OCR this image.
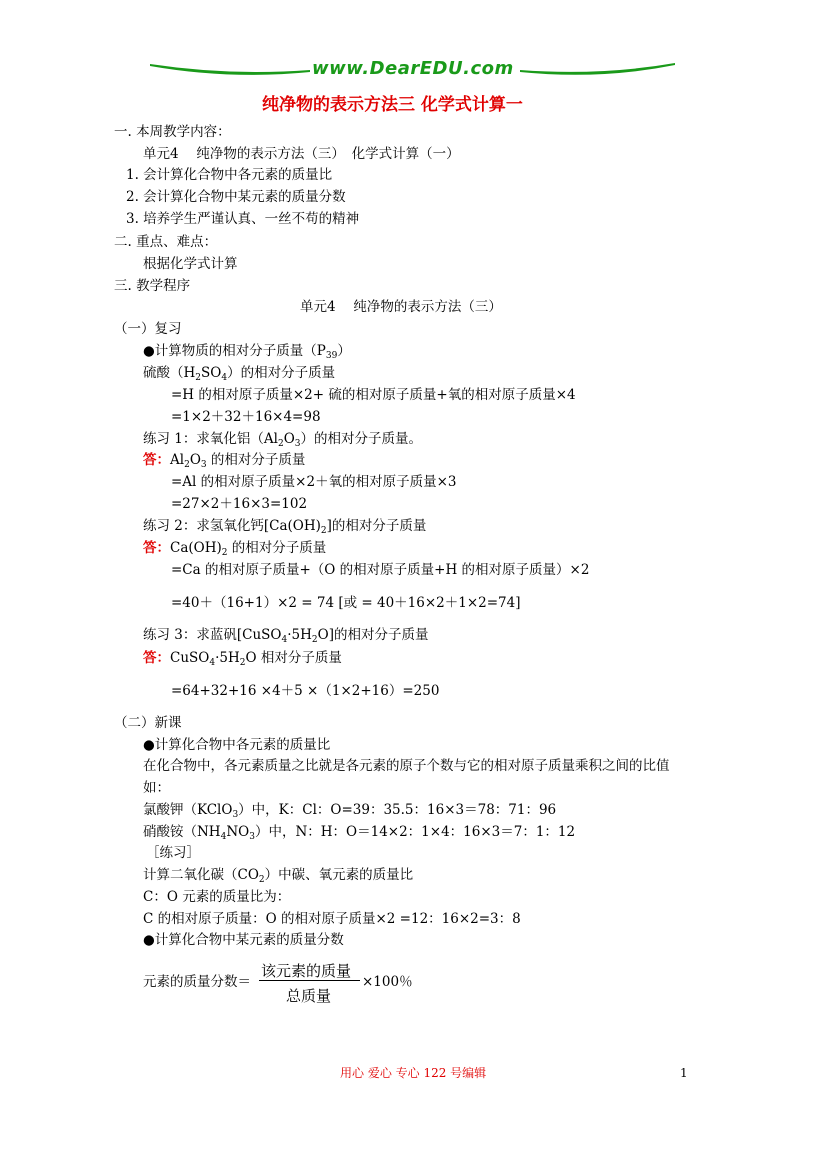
www.DearEDU.com
纯净物的表示方法三 化学式计算一
一. 本周教学内容：
单元4　 纯净物的表示方法（三）　化学式计算（一）
1. 会计算化合物中各元素的质量比
2. 会计算化合物中某元素的质量分数
3. 培养学生严谨认真、一丝不苟的精神
二. 重点、难点：
根据化学式计算
三. 教学程序
单元4　 纯净物的表示方法（三）
（一）复习
●计算物质的相对分子质量$(P_{39})$
硫酸$(H_2SO_4)$的相对分子质量
=H 的相对原子质量×2+ 硫的相对原子质量+氧的相对原子质量×4
=1×2＋32＋16×4=98
练习 1：求氧化铝$(Al_2O_3)$的相对分子质量。
答：$Al_2O_3$ 的相对分子质量
=Al 的相对原子质量×2＋氧的相对原子质量×3
=27×2＋16×3=102
练习 2：求氢氧化钙$[Ca(OH)_2]$的相对分子质量
答：$Ca(OH)_2$ 的相对分子质量
=Ca 的相对原子质量+（O 的相对原子质量+H 的相对原子质量）×2
=40＋（16+1）×2 = 74 [或 = 40＋16×2＋1×2=74]
练习 3：求蓝矾$[CuSO_4\cdot 5H_2O]$的相对分子质量
答：$CuSO_4\cdot 5H_2O$ 相对分子质量
=64+32+16 ×4＋5 ×（1×2+16）=250
（二）新课
●计算化合物中各元素的质量比
在化合物中，各元素质量之比就是各元素的原子个数与它的相对原子质量乘积之间的比值
如：
氯酸钾（KClO$_3$）中，K：Cl：O=39：35.5：16×3＝78：71：96
硝酸铵$(NH_4NO_3)$中，N：H：O＝14×2：1×4：16×3＝7：1：12
［练习］
计算二氧化碳$(CO_2)$中碳、氧元素的质量比
C：O 元素的质量比为：
C 的相对原子质量：O 的相对原子质量×2 =12：16×2=3：8
●计算化合物中某元素的质量分数
元素的质量分数＝
该元素的质量
总质量
×100％
用心 爱心 专心 122 号编辑	1
